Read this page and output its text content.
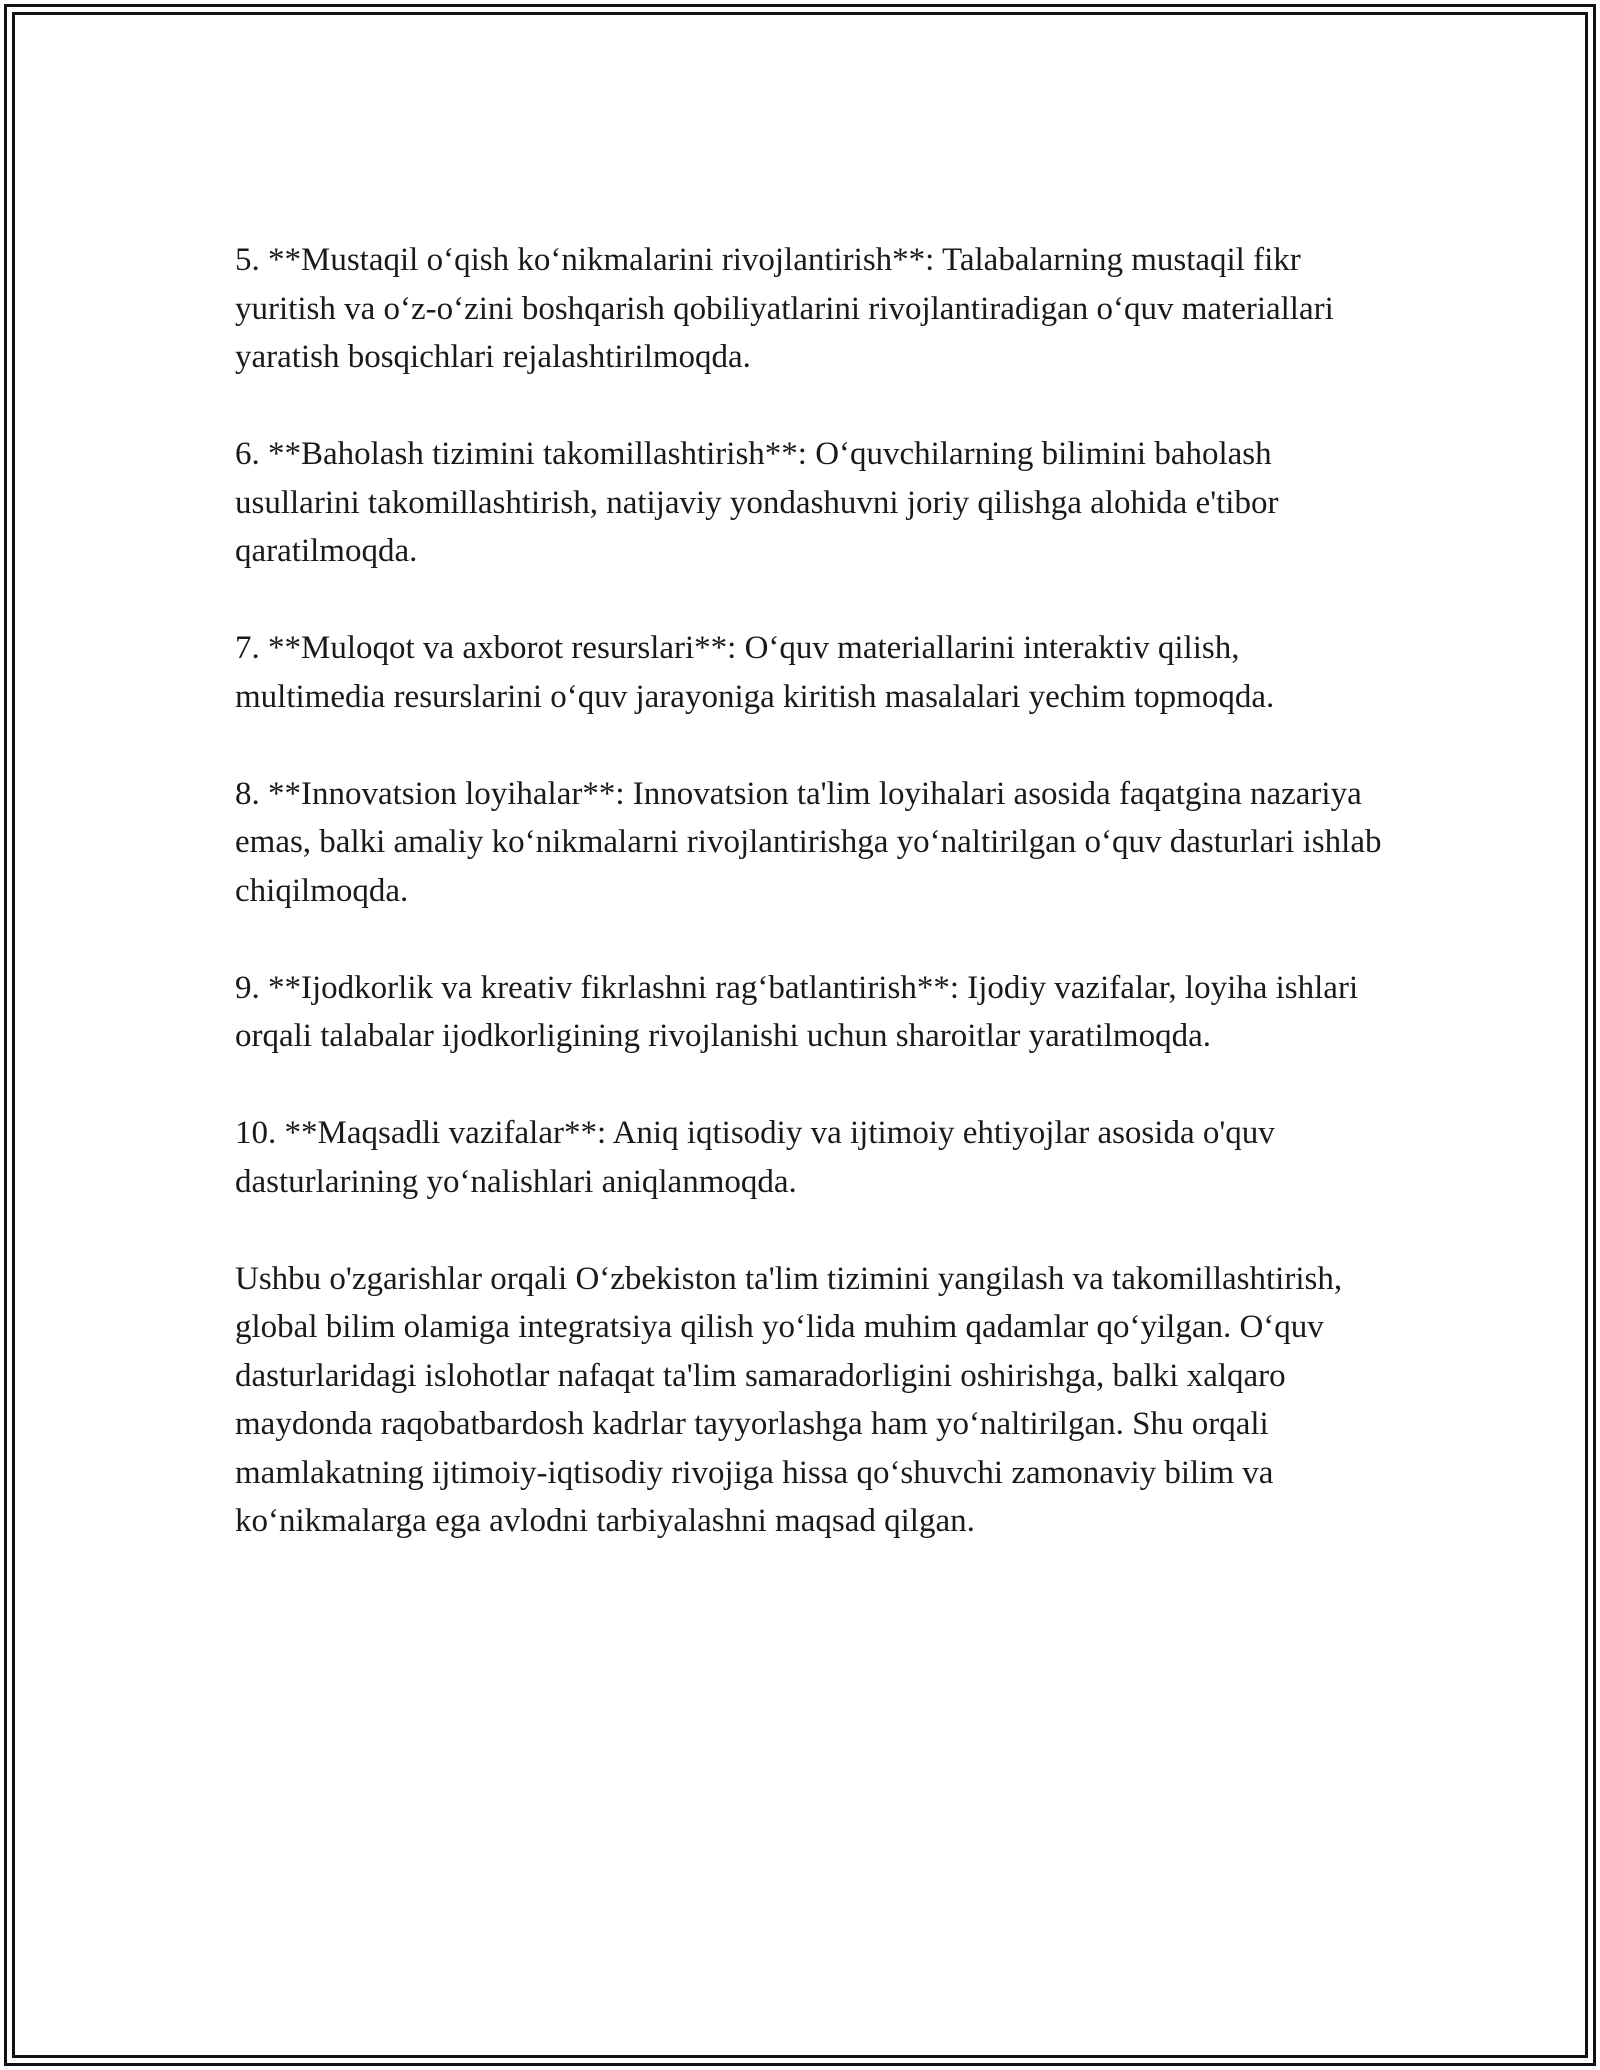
5. **Mustaqil o‘qish ko‘nikmalarini rivojlantirish**: Talabalarning mustaqil fikr yuritish va o‘z-o‘zini boshqarish qobiliyatlarini rivojlantiradigan o‘quv materiallari yaratish bosqichlari rejalashtirilmoqda.

6. **Baholash tizimini takomillashtirish**: O‘quvchilarning bilimini baholash usullarini takomillashtirish, natijaviy yondashuvni joriy qilishga alohida e'tibor qaratilmoqda.

7. **Muloqot va axborot resurslari**: O‘quv materiallarini interaktiv qilish, multimedia resurslarini o‘quv jarayoniga kiritish masalalari yechim topmoqda.

8. **Innovatsion loyihalar**: Innovatsion ta'lim loyihalari asosida faqatgina nazariya emas, balki amaliy ko‘nikmalarni rivojlantirishga yo‘naltirilgan o‘quv dasturlari ishlab chiqilmoqda.

9. **Ijodkorlik va kreativ fikrlashni rag‘batlantirish**: Ijodiy vazifalar, loyiha ishlari orqali talabalar ijodkorligining rivojlanishi uchun sharoitlar yaratilmoqda.

10. **Maqsadli vazifalar**: Aniq iqtisodiy va ijtimoiy ehtiyojlar asosida o'quv dasturlarining yo‘nalishlari aniqlanmoqda.

Ushbu o'zgarishlar orqali O‘zbekiston ta'lim tizimini yangilash va takomillashtirish, global bilim olamiga integratsiya qilish yo‘lida muhim qadamlar qo‘yilgan. O‘quv dasturlaridagi islohotlar nafaqat ta'lim samaradorligini oshirishga, balki xalqaro maydonda raqobatbardosh kadrlar tayyorlashga ham yo‘naltirilgan. Shu orqali mamlakatning ijtimoiy-iqtisodiy rivojiga hissa qo‘shuvchi zamonaviy bilim va ko‘nikmalarga ega avlodni tarbiyalashni maqsad qilgan.
